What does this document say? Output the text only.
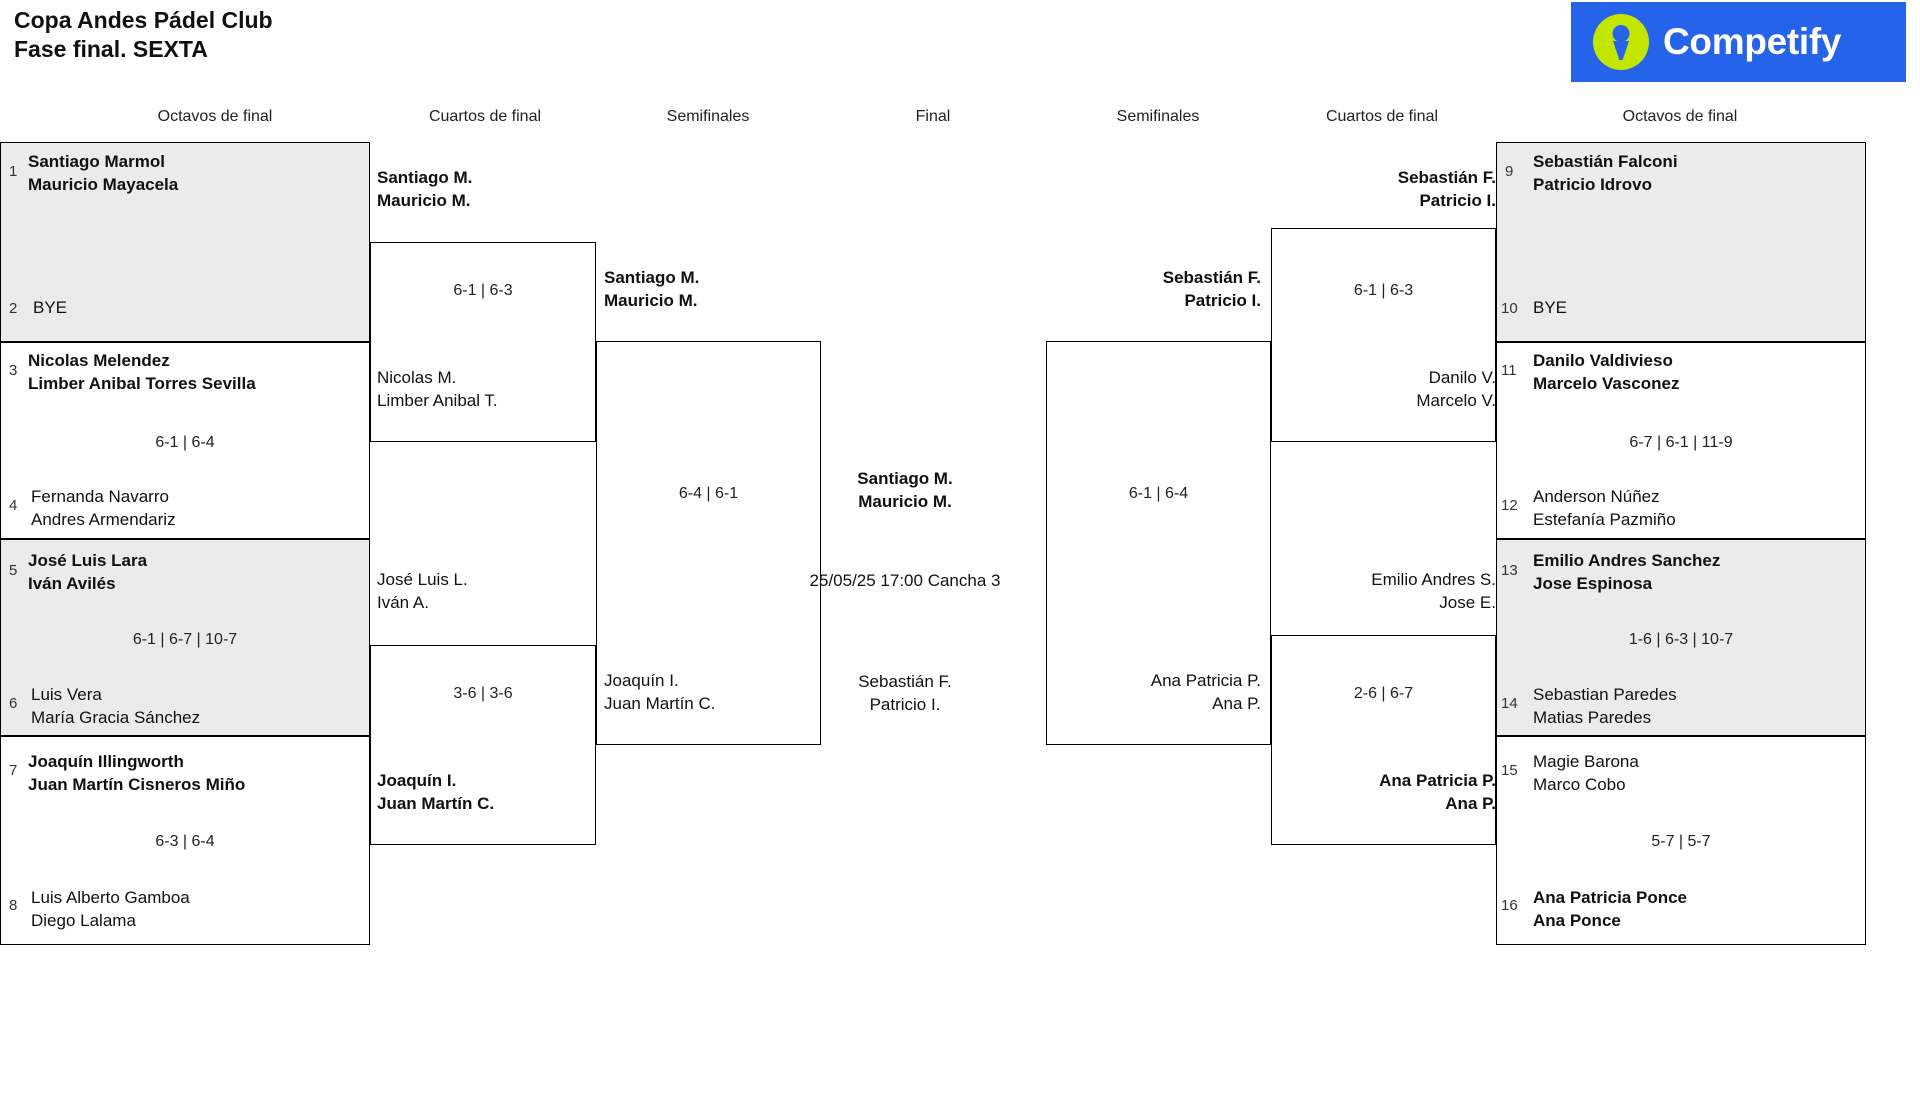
Copa Andes Pádel Club
Fase final. SEXTA	Competify
Octavos de final	Cuartos de final	Semifinales	Final	Semifinales	Cuartos de final	Octavos de final
1
Santiago Marmol
Mauricio Mayacela
2 BYE
3
Nicolas Melendez
Limber Anibal Torres Sevilla
6-1 | 6-4
4 Fernanda Navarro
Andres Armendariz
5
José Luis Lara
Iván Avilés
6-1 | 6-7 | 10-7
6 Luis Vera
María Gracia Sánchez
7 Joaquín Illingworth
Juan Martín Cisneros Miño
6-3 | 6-4
8 Luis Alberto Gamboa
Diego Lalama
Santiago M.
Mauricio M.
6-1 | 6-3
Nicolas M.
Limber Anibal T.
José Luis L.
Iván A.
3-6 | 3-6
Joaquín I.
Juan Martín C.
Santiago M.
Mauricio M.
6-4 | 6-1
Joaquín I.
Juan Martín C.
Santiago M.
Mauricio M.
25/05/25 17:00 Cancha 3
Sebastián F.
Patricio I.
Sebastián F.
Patricio I.
6-1 | 6-4
Ana Patricia P.
Ana P.
Sebastián F.
Patricio I.
6-1 | 6-3
Danilo V.
Marcelo V.
Emilio Andres S.
Jose E.
2-6 | 6-7
Ana Patricia P.
Ana P.
9
Sebastián Falconi
Patricio Idrovo
10 BYE
11
Danilo Valdivieso
Marcelo Vasconez
6-7 | 6-1 | 11-9
12 Anderson Núñez
Estefanía Pazmiño
13
Emilio Andres Sanchez
Jose Espinosa
1-6 | 6-3 | 10-7
14 Sebastian Paredes
Matias Paredes
15 Magie Barona
Marco Cobo
5-7 | 5-7
16 Ana Patricia Ponce
Ana Ponce
